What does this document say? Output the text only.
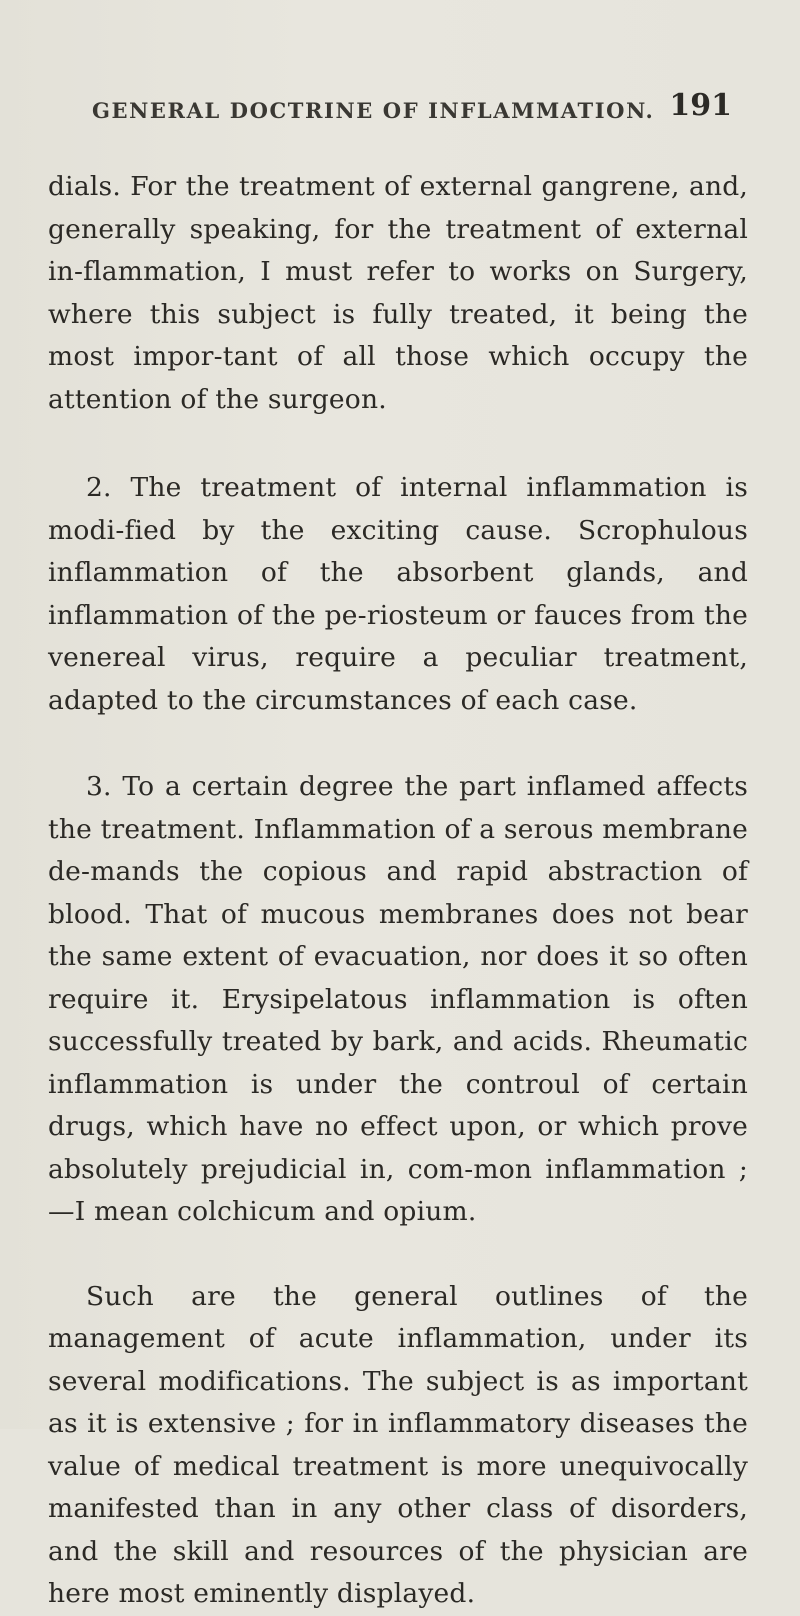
GENERAL DOCTRINE OF INFLAMMATION. 191

dials. For the treatment of external gangrene, and, generally speaking, for the treatment of external in-flammation, I must refer to works on Surgery, where this subject is fully treated, it being the most impor-tant of all those which occupy the attention of the surgeon.

2. The treatment of internal inflammation is modi-fied by the exciting cause. Scrophulous inflammation of the absorbent glands, and inflammation of the pe-riosteum or fauces from the venereal virus, require a peculiar treatment, adapted to the circumstances of each case.

3. To a certain degree the part inflamed affects the treatment. Inflammation of a serous membrane de-mands the copious and rapid abstraction of blood. That of mucous membranes does not bear the same extent of evacuation, nor does it so often require it. Erysipelatous inflammation is often successfully treated by bark, and acids. Rheumatic inflammation is under the controul of certain drugs, which have no effect upon, or which prove absolutely prejudicial in, com-mon inflammation ;—I mean colchicum and opium.

Such are the general outlines of the management of acute inflammation, under its several modifications. The subject is as important as it is extensive ; for in inflammatory diseases the value of medical treatment is more unequivocally manifested than in any other class of disorders, and the skill and resources of the physician are here most eminently displayed.
